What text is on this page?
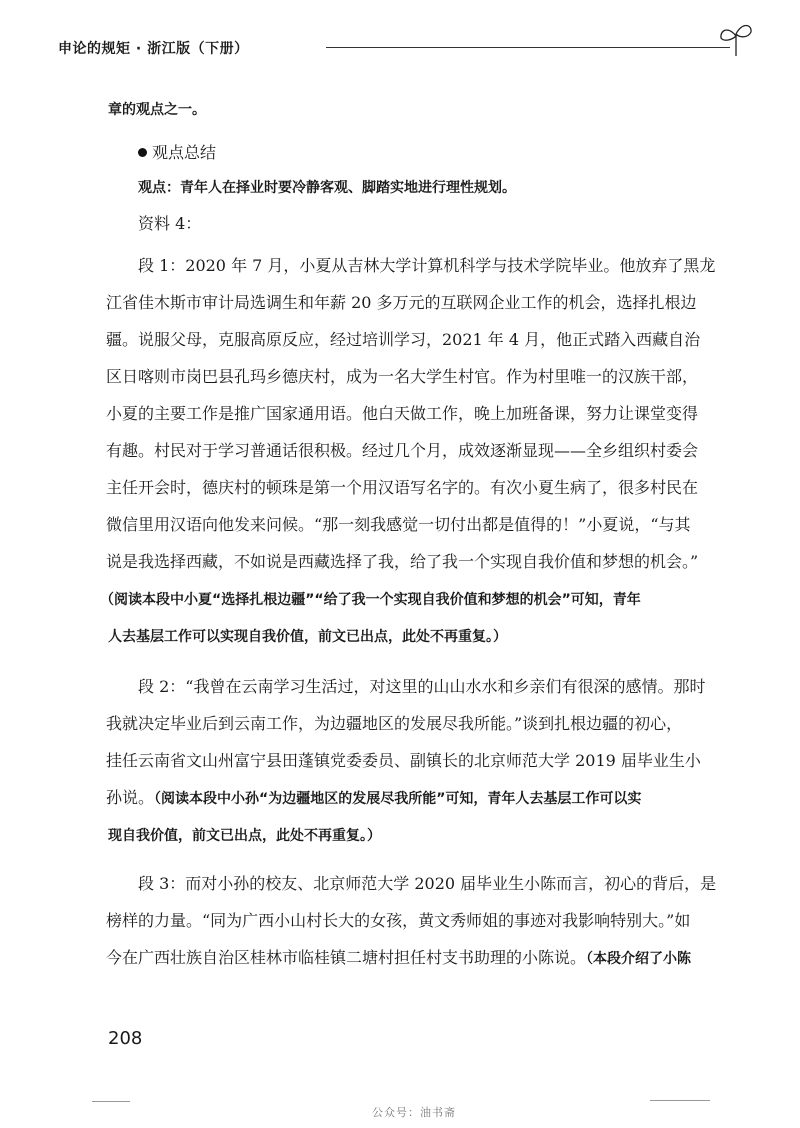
申论的规矩 · 浙江版（下册）
章的观点之一。
观点总结
观点：青年人在择业时要冷静客观、脚踏实地进行理性规划。
资料 4：
段 1：2020 年 7 月，小夏从吉林大学计算机科学与技术学院毕业。他放弃了黑龙
江省佳木斯市审计局选调生和年薪 20 多万元的互联网企业工作的机会，选择扎根边
疆。说服父母，克服高原反应，经过培训学习，2021 年 4 月，他正式踏入西藏自治
区日喀则市岗巴县孔玛乡德庆村，成为一名大学生村官。作为村里唯一的汉族干部，
小夏的主要工作是推广国家通用语。他白天做工作，晚上加班备课，努力让课堂变得
有趣。村民对于学习普通话很积极。经过几个月，成效逐渐显现——全乡组织村委会
主任开会时，德庆村的顿珠是第一个用汉语写名字的。有次小夏生病了，很多村民在
微信里用汉语向他发来问候。“那一刻我感觉一切付出都是值得的！”小夏说，“与其
说是我选择西藏，不如说是西藏选择了我，给了我一个实现自我价值和梦想的机会。”
（阅读本段中小夏“选择扎根边疆”“给了我一个实现自我价值和梦想的机会”可知，青年
人去基层工作可以实现自我价值，前文已出点，此处不再重复。）
段 2：“我曾在云南学习生活过，对这里的山山水水和乡亲们有很深的感情。那时
我就决定毕业后到云南工作，为边疆地区的发展尽我所能。”谈到扎根边疆的初心，
挂任云南省文山州富宁县田蓬镇党委委员、副镇长的北京师范大学 2019 届毕业生小
孙说。（阅读本段中小孙“为边疆地区的发展尽我所能”可知，青年人去基层工作可以实
现自我价值，前文已出点，此处不再重复。）
段 3：而对小孙的校友、北京师范大学 2020 届毕业生小陈而言，初心的背后，是
榜样的力量。“同为广西小山村长大的女孩，黄文秀师姐的事迹对我影响特别大。”如
今在广西壮族自治区桂林市临桂镇二塘村担任村支书助理的小陈说。（本段介绍了小陈
208
公众号：油书斋
